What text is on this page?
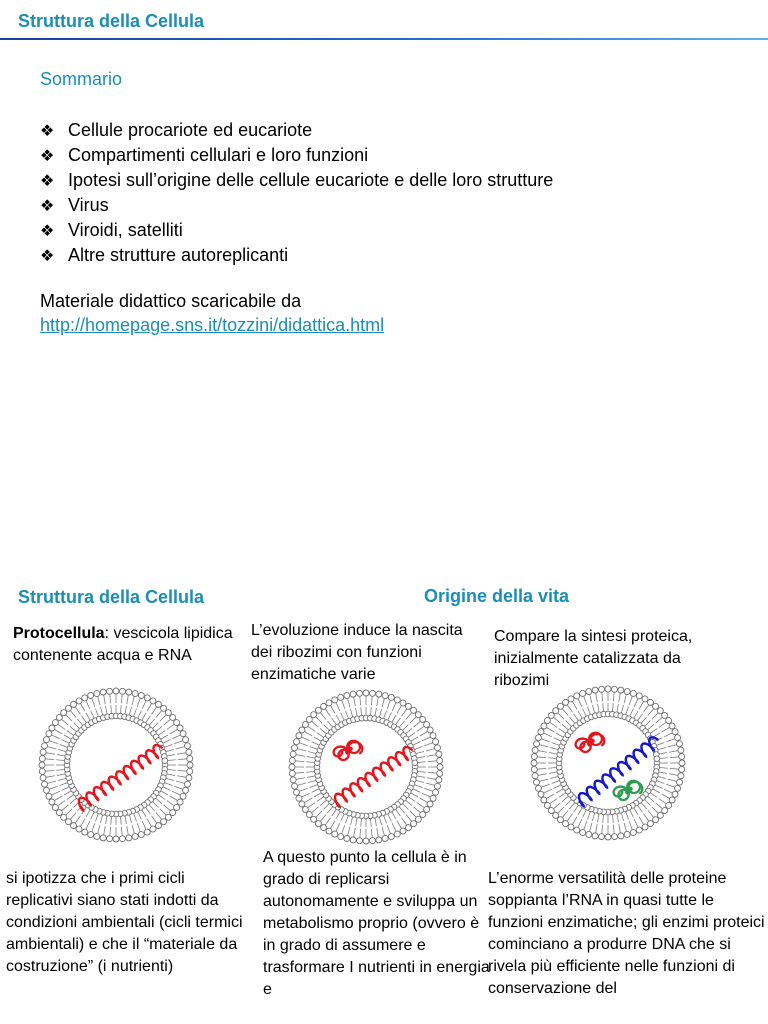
Struttura della Cellula
Sommario
❖ Cellule procariote ed eucariote
❖ Compartimenti cellulari e loro funzioni
❖ Ipotesi sull’origine delle cellule eucariote e delle loro strutture
❖ Virus
❖ Viroidi, satelliti
❖ Altre strutture autoreplicanti
Materiale didattico scaricabile da
http://homepage.sns.it/tozzini/didattica.html
Struttura della Cellula	Origine della vita
Protocellula: vescicola lipidica contenente acqua e RNA
L’evoluzione induce la nascita dei ribozimi con funzioni enzimatiche varie
Compare la sintesi proteica, inizialmente catalizzata da ribozimi
si ipotizza che i primi cicli replicativi siano stati indotti da condizioni ambientali (cicli termici ambientali) e che il “materiale da costruzione” (i nutrienti)
A questo punto la cellula è in grado di replicarsi autonomamente e sviluppa un metabolismo proprio (ovvero è in grado di assumere e trasformare I nutrienti in energia e
L’enorme versatilità delle proteine soppianta l’RNA in quasi tutte le funzioni enzimatiche; gli enzimi proteici cominciano a produrre DNA che si rivela più efficiente nelle funzioni di conservazione del
